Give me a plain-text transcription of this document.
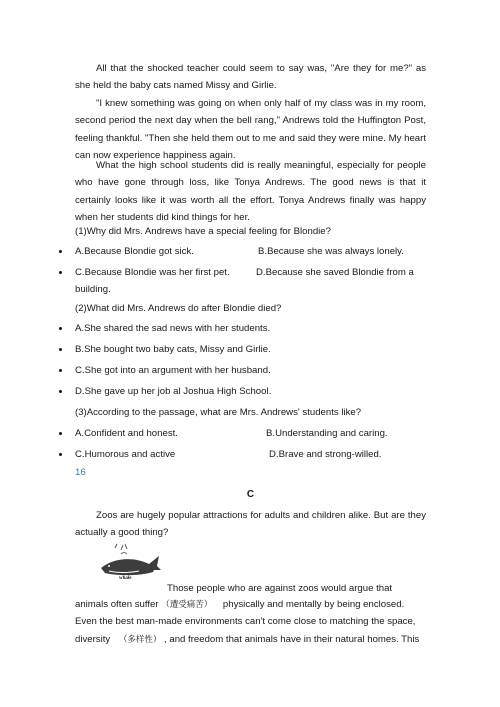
All that the shocked teacher could seem to say was, "Are they for me?" as she held the baby cats named Missy and Girlie.
"I knew something was going on when only half of my class was in my room, second period the next day when the bell rang," Andrews told the Huffington Post, feeling thankful. "Then she held them out to me and said they were mine. My heart can now experience happiness again.
What the high school students did is really meaningful, especially for people who have gone through loss, like Tonya Andrews. The good news is that it certainly looks like it was worth all the effort. Tonya Andrews finally was happy when her students did kind things for her.
(1)Why did Mrs. Andrews have a special feeling for Blondie?
A.Because Blondie got sick.	B.Because she was always lonely.
C.Because Blondie was her first pet.	D.Because she saved Blondie from a
building.
(2)What did Mrs. Andrews do after Blondie died?
A.She shared the sad news with her students.
B.She bought two baby cats, Missy and Girlie.
C.She got into an argument with her husband.
D.She gave up her job al Joshua High School.
(3)According to the passage, what are Mrs. Andrews' students like?
A.Confident and honest.	B.Understanding and caring.
C.Humorous and active	D.Brave and strong-willed.
16
C
Zoos are hugely popular attractions for adults and children alike. But are they actually a good thing?
whale
Those people who are against zoos would argue that
animals often suffer （遭受痛苦） physically and mentally by being enclosed.
Even the best man-made environments can't come close to matching the space,
diversity （多样性） , and freedom that animals have in their natural homes. This
